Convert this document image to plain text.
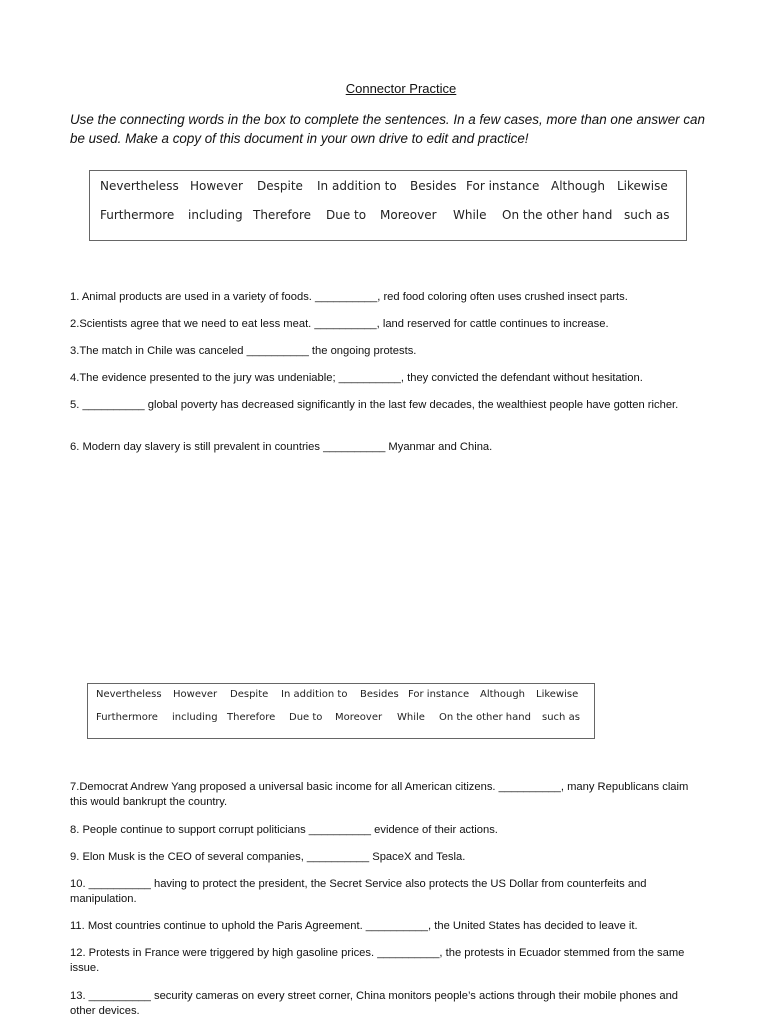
Connector Practice
Use the connecting words in the box to complete the sentences. In a few cases, more than one answer can be used. Make a copy of this document in your own drive to edit and practice!
Nevertheless However Despite In addition to Besides For instance Although Likewise
Furthermore including Therefore Due to Moreover While On the other hand such as
1. Animal products are used in a variety of foods. __________, red food coloring often uses crushed insect parts.
2.Scientists agree that we need to eat less meat. __________, land reserved for cattle continues to increase.
3.The match in Chile was canceled __________ the ongoing protests.
4.The evidence presented to the jury was undeniable; __________, they convicted the defendant without hesitation.
5. __________ global poverty has decreased significantly in the last few decades, the wealthiest people have gotten richer.
6. Modern day slavery is still prevalent in countries __________ Myanmar and China.
Nevertheless However Despite In addition to Besides For instance Although Likewise
Furthermore including Therefore Due to Moreover While On the other hand such as
7.Democrat Andrew Yang proposed a universal basic income for all American citizens. __________, many Republicans claim this would bankrupt the country.
8. People continue to support corrupt politicians __________ evidence of their actions.
9. Elon Musk is the CEO of several companies, __________ SpaceX and Tesla.
10. __________ having to protect the president, the Secret Service also protects the US Dollar from counterfeits and manipulation.
11. Most countries continue to uphold the Paris Agreement. __________, the United States has decided to leave it.
12. Protests in France were triggered by high gasoline prices. __________, the protests in Ecuador stemmed from the same issue.
13. __________ security cameras on every street corner, China monitors people’s actions through their mobile phones and other devices.
